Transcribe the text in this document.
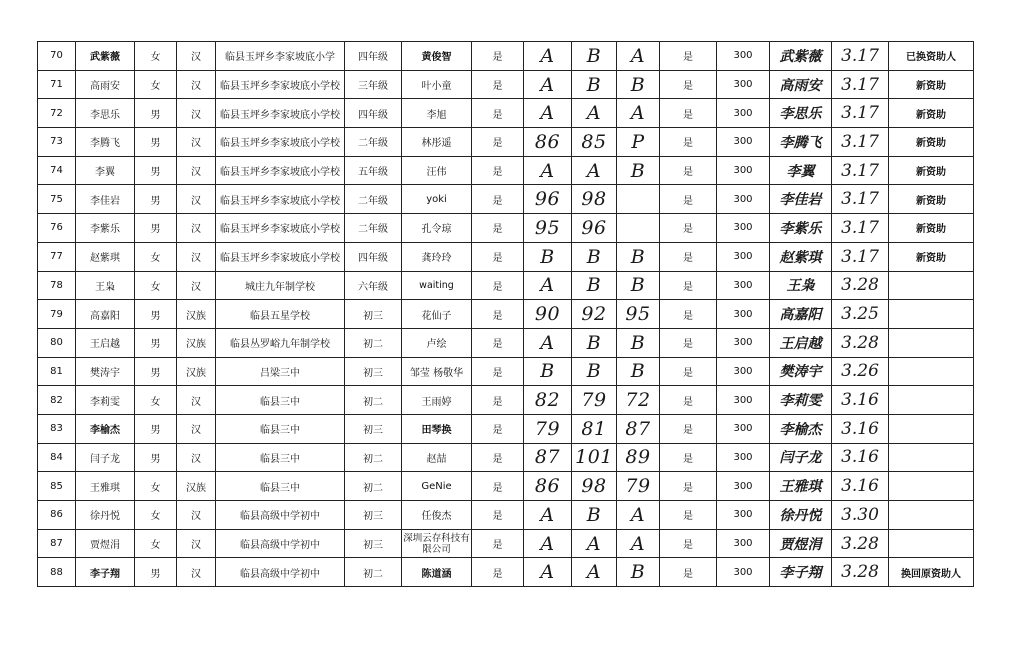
70	武紫薇	女	汉	临县玉坪乡李家坡底小学	四年级	黄俊智	是	A	B	A	是	300	武紫薇	3.17	已换资助人
71	高雨安	女	汉	临县玉坪乡李家坡底小学校	三年级	叶小童	是	A	B	B	是	300	高雨安	3.17	新资助
72	李思乐	男	汉	临县玉坪乡李家坡底小学校	四年级	李旭	是	A	A	A	是	300	李思乐	3.17	新资助
73	李腾飞	男	汉	临县玉坪乡李家坡底小学校	二年级	林彤遥	是	86	85	P	是	300	李腾飞	3.17	新资助
74	李翼	男	汉	临县玉坪乡李家坡底小学校	五年级	汪伟	是	A	A	B	是	300	李翼	3.17	新资助
75	李佳岩	男	汉	临县玉坪乡李家坡底小学校	二年级	yoki	是	96	98		是	300	李佳岩	3.17	新资助
76	李紫乐	男	汉	临县玉坪乡李家坡底小学校	二年级	孔令琼	是	95	96		是	300	李紫乐	3.17	新资助
77	赵紫琪	女	汉	临县玉坪乡李家坡底小学校	四年级	龚玲玲	是	B	B	B	是	300	赵紫琪	3.17	新资助
78	王枭	女	汉	城庄九年制学校	六年级	waiting	是	A	B	B	是	300	王枭	3.28	
79	高嘉阳	男	汉族	临县五星学校	初三	花仙子	是	90	92	95	是	300	高嘉阳	3.25	
80	王启越	男	汉族	临县丛罗峪九年制学校	初二	卢绘	是	A	B	B	是	300	王启越	3.28	
81	樊涛宇	男	汉族	吕梁三中	初三	邹莹 杨敬华	是	B	B	B	是	300	樊涛宇	3.26	
82	李莉雯	女	汉	临县三中	初二	王雨婷	是	82	79	72	是	300	李莉雯	3.16	
83	李榆杰	男	汉	临县三中	初三	田琴换	是	79	81	87	是	300	李榆杰	3.16	
84	闫子龙	男	汉	临县三中	初二	赵喆	是	87	101	89	是	300	闫子龙	3.16	
85	王雅琪	女	汉族	临县三中	初二	GeNie	是	86	98	79	是	300	王雅琪	3.16	
86	徐丹悦	女	汉	临县高级中学初中	初三	任俊杰	是	A	B	A	是	300	徐丹悦	3.30	
87	贾煜涓	女	汉	临县高级中学初中	初三	深圳云存科技有限公司	是	A	A	A	是	300	贾煜涓	3.28	
88	李子翔	男	汉	临县高级中学初中	初二	陈道涵	是	A	A	B	是	300	李子翔	3.28	换回原资助人
